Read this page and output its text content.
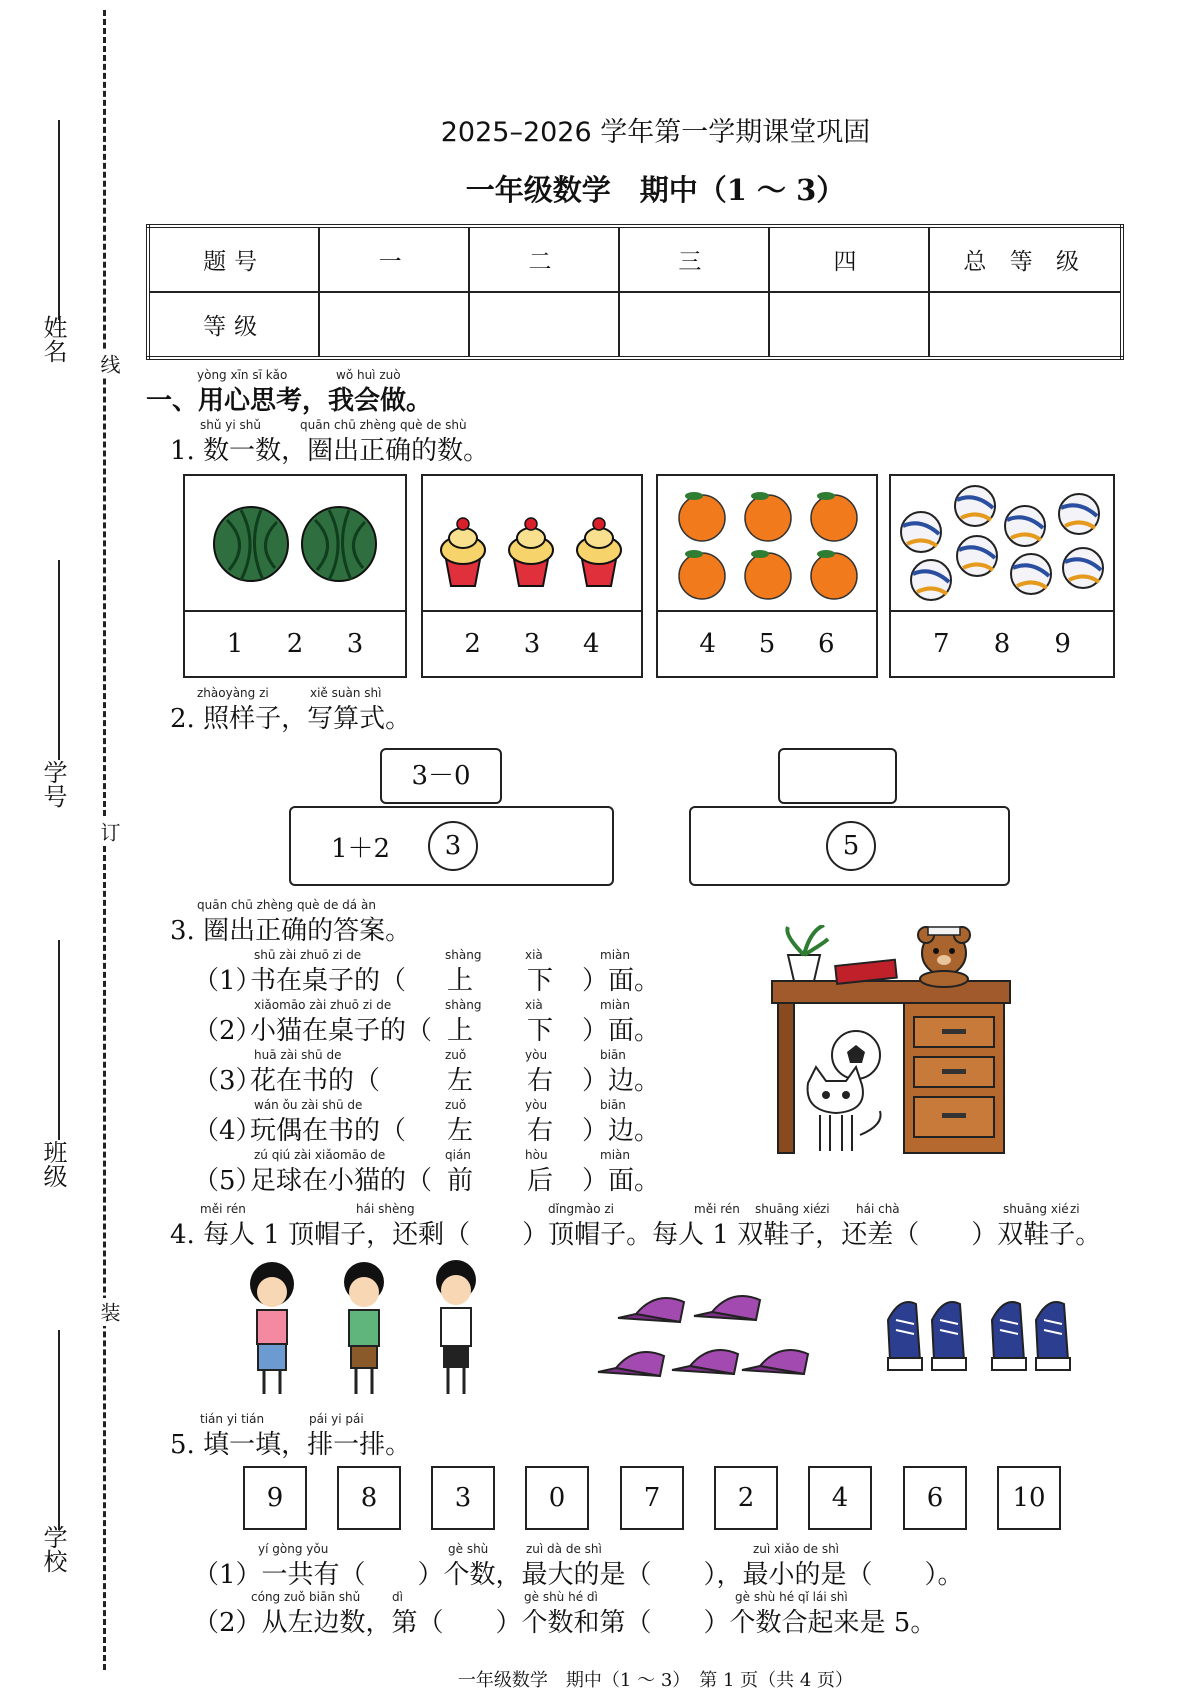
线
订
装
姓名
学号
班级
学校
2025–2026 学年第一学期课堂巩固
一年级数学　期中（1 ～ 3）
题号	一	二	三	四	总 等 级
等级					
yòng xīn sī kǎo	wǒ huì zuò
一、用心思考，我会做。
shǔ yi shǔ	quān chū zhèng què de shù
1. 数一数，圈出正确的数。
1 2 3	2 3 4	4 5 6	7 8 9
zhàoyàng zi	xiě suàn shì
2. 照样子，写算式。
3－0
1＋2	3	5
quān chū zhèng què de dá àn
3. 圈出正确的答案。
shū zài zhuō zi de
（1）
书在桌子的（
shàng	xià	miàn
上 下 ）面。
xiǎomāo zài zhuō zi de
（2）
小猫在桌子的（
shàng	xià	miàn
上 下 ）面。
huā zài shū de
（3）
花在书的（
zuǒ	yòu	biān
左 右 ）边。
wán ǒu zài shū de
（4）
玩偶在书的（
zuǒ	yòu	biān
左 右 ）边。
zú qiú zài xiǎomāo de
（5）
足球在小猫的（
qián	hòu	miàn
前 后 ）面。
měi rén	hái shèng	dǐngmào zi	měi rén shuāng xié zi hái chà	shuāng xié zi
4. 每人 1 顶帽子，还剩（　　）顶帽子。每人 1 双鞋子，还差（　　）双鞋子。
tián yi tián	pái yi pái
5. 填一填，排一排。
9	8	3	0	7	2	4	6	10
yí gòng yǒu	gè shù	zuì dà de shì	zuì xiǎo de shì
（1）一共有（　　）个数，最大的是（　　），最小的是（　　）。
cóng zuǒ biān shǔ	dì	gè shù hé dì	gè shù hé qǐ lái shì
（2）从左边数，第（　　）个数和第（　　）个数合起来是 5。
一年级数学　期中（1 ～ 3）　第 1 页（共 4 页）
